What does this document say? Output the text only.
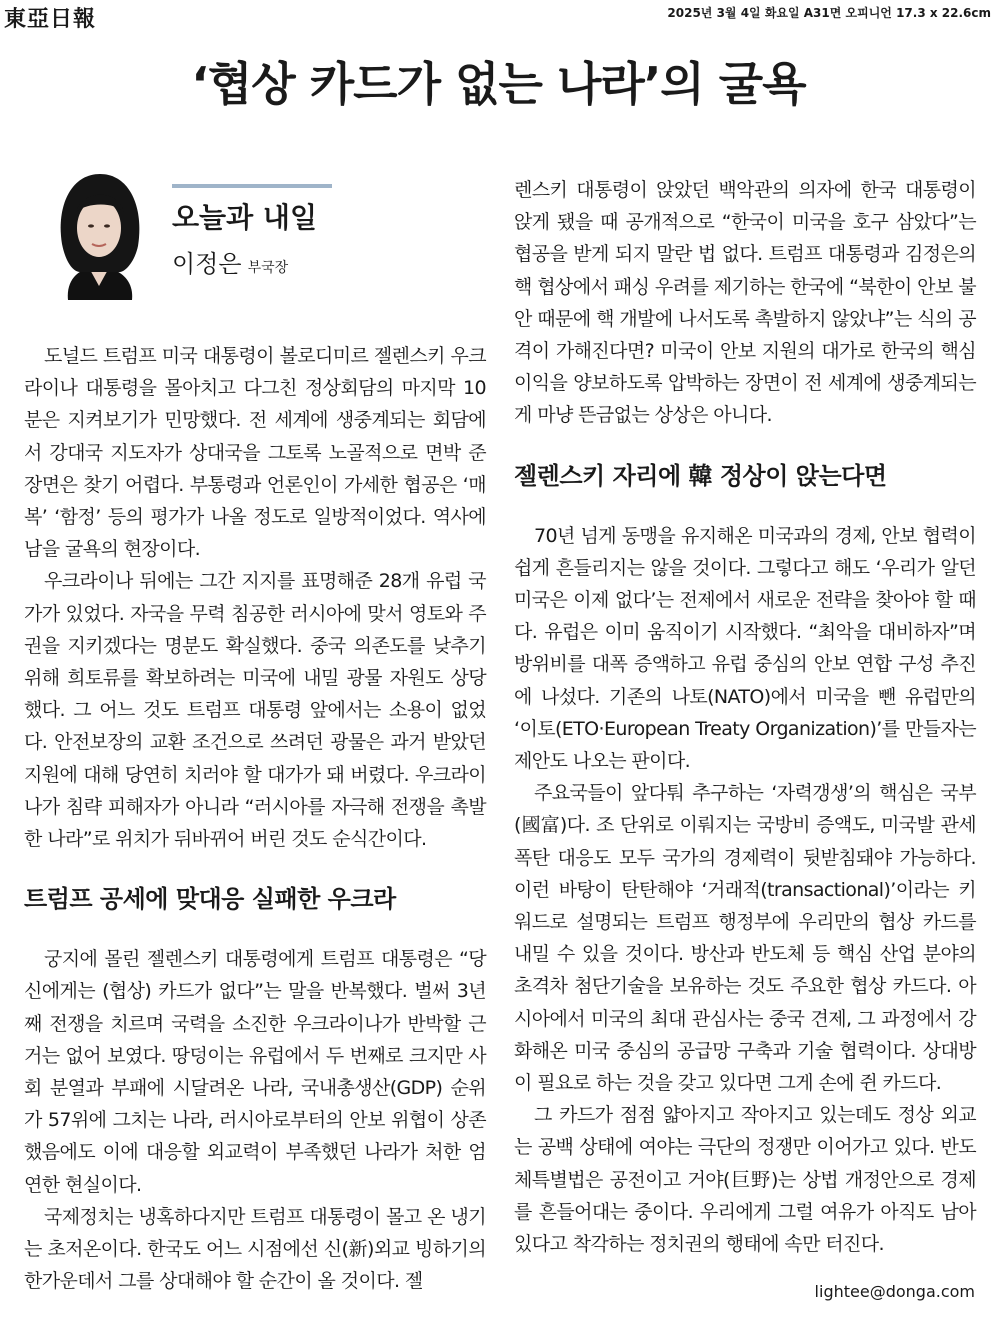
東亞日報	2025년 3월 4일 화요일 A31면 오피니언 17.3 x 22.6cm
‘협상 카드가 없는 나라’의 굴욕
오늘과 내일
이정은 부국장

도널드 트럼프 미국 대통령이 볼로디미르 젤렌스키 우크라이나 대통령을 몰아치고 다그친 정상회담의 마지막 10분은 지켜보기가 민망했다. 전 세계에 생중계되는 회담에서 강대국 지도자가 상대국을 그토록 노골적으로 면박 준 장면은 찾기 어렵다. 부통령과 언론인이 가세한 협공은 ‘매복’ ‘함정’ 등의 평가가 나올 정도로 일방적이었다. 역사에 남을 굴욕의 현장이다.

우크라이나 뒤에는 그간 지지를 표명해준 28개 유럽 국가가 있었다. 자국을 무력 침공한 러시아에 맞서 영토와 주권을 지키겠다는 명분도 확실했다. 중국 의존도를 낮추기 위해 희토류를 확보하려는 미국에 내밀 광물 자원도 상당했다. 그 어느 것도 트럼프 대통령 앞에서는 소용이 없었다. 안전보장의 교환 조건으로 쓰려던 광물은 과거 받았던 지원에 대해 당연히 치러야 할 대가가 돼 버렸다. 우크라이나가 침략 피해자가 아니라 “러시아를 자극해 전쟁을 촉발한 나라”로 위치가 뒤바뀌어 버린 것도 순식간이다.

트럼프 공세에 맞대응 실패한 우크라

궁지에 몰린 젤렌스키 대통령에게 트럼프 대통령은 “당신에게는 (협상) 카드가 없다”는 말을 반복했다. 벌써 3년째 전쟁을 치르며 국력을 소진한 우크라이나가 반박할 근거는 없어 보였다. 땅덩이는 유럽에서 두 번째로 크지만 사회 분열과 부패에 시달려온 나라, 국내총생산(GDP) 순위가 57위에 그치는 나라, 러시아로부터의 안보 위협이 상존했음에도 이에 대응할 외교력이 부족했던 나라가 처한 엄연한 현실이다.

국제정치는 냉혹하다지만 트럼프 대통령이 몰고 온 냉기는 초저온이다. 한국도 어느 시점에선 신(新)외교 빙하기의 한가운데서 그를 상대해야 할 순간이 올 것이다. 젤

렌스키 대통령이 앉았던 백악관의 의자에 한국 대통령이 앉게 됐을 때 공개적으로 “한국이 미국을 호구 삼았다”는 협공을 받게 되지 말란 법 없다. 트럼프 대통령과 김정은의 핵 협상에서 패싱 우려를 제기하는 한국에 “북한이 안보 불안 때문에 핵 개발에 나서도록 촉발하지 않았냐”는 식의 공격이 가해진다면? 미국이 안보 지원의 대가로 한국의 핵심 이익을 양보하도록 압박하는 장면이 전 세계에 생중계되는 게 마냥 뜬금없는 상상은 아니다.

젤렌스키 자리에 韓 정상이 앉는다면

70년 넘게 동맹을 유지해온 미국과의 경제, 안보 협력이 쉽게 흔들리지는 않을 것이다. 그렇다고 해도 ‘우리가 알던 미국은 이제 없다’는 전제에서 새로운 전략을 찾아야 할 때다. 유럽은 이미 움직이기 시작했다. “최악을 대비하자”며 방위비를 대폭 증액하고 유럽 중심의 안보 연합 구성 추진에 나섰다. 기존의 나토(NATO)에서 미국을 뺀 유럽만의 ‘이토(ETO·European Treaty Organization)’를 만들자는 제안도 나오는 판이다.

주요국들이 앞다퉈 추구하는 ‘자력갱생’의 핵심은 국부(國富)다. 조 단위로 이뤄지는 국방비 증액도, 미국발 관세 폭탄 대응도 모두 국가의 경제력이 뒷받침돼야 가능하다. 이런 바탕이 탄탄해야 ‘거래적(transactional)’이라는 키워드로 설명되는 트럼프 행정부에 우리만의 협상 카드를 내밀 수 있을 것이다. 방산과 반도체 등 핵심 산업 분야의 초격차 첨단기술을 보유하는 것도 주요한 협상 카드다. 아시아에서 미국의 최대 관심사는 중국 견제, 그 과정에서 강화해온 미국 중심의 공급망 구축과 기술 협력이다. 상대방이 필요로 하는 것을 갖고 있다면 그게 손에 쥔 카드다.

그 카드가 점점 얇아지고 작아지고 있는데도 정상 외교는 공백 상태에 여야는 극단의 정쟁만 이어가고 있다. 반도체특별법은 공전이고 거야(巨野)는 상법 개정안으로 경제를 흔들어대는 중이다. 우리에게 그럴 여유가 아직도 남아있다고 착각하는 정치권의 행태에 속만 터진다.

lightee@donga.com
